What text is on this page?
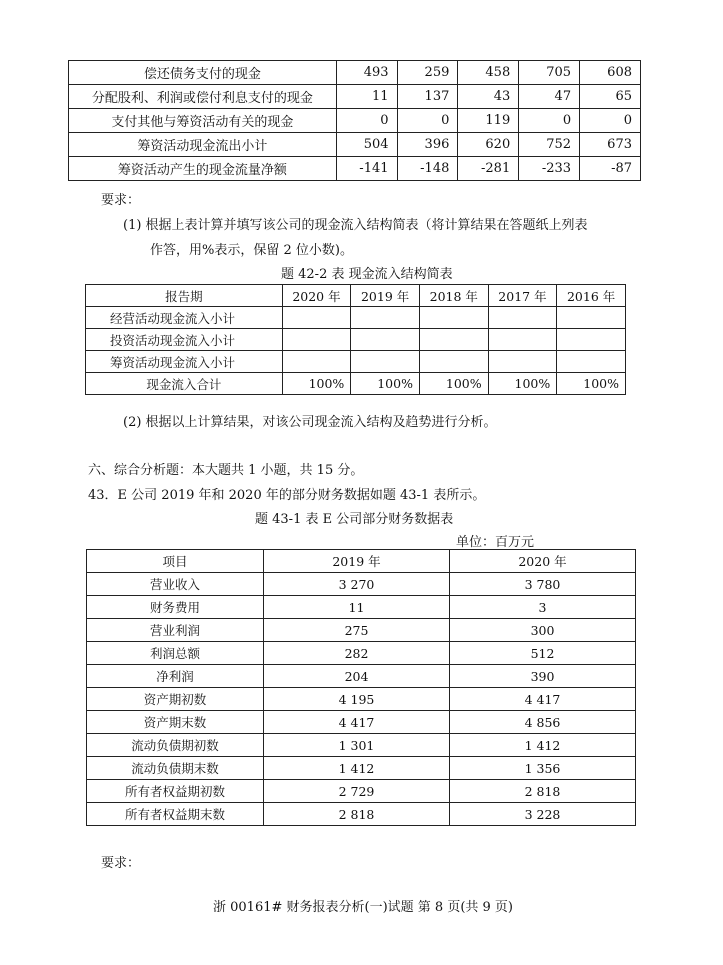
偿还债务支付的现金	493	259	458	705	608
分配股利、利润或偿付利息支付的现金	11	137	43	47	65
支付其他与筹资活动有关的现金	0	0	119	0	0
筹资活动现金流出小计	504	396	620	752	673
筹资活动产生的现金流量净额	-141	-148	-281	-233	-87
要求：
(1) 根据上表计算并填写该公司的现金流入结构简表（将计算结果在答题纸上列表
作答，用%表示，保留 2 位小数)。
题 42-2 表 现金流入结构简表
报告期	2020 年	2019 年	2018 年	2017 年	2016 年
经营活动现金流入小计					
投资活动现金流入小计					
筹资活动现金流入小计					
现金流入合计	100%	100%	100%	100%	100%
(2) 根据以上计算结果，对该公司现金流入结构及趋势进行分析。
六、综合分析题：本大题共 1 小题，共 15 分。
43．E 公司 2019 年和 2020 年的部分财务数据如题 43-1 表所示。
题 43-1 表 E 公司部分财务数据表
单位：百万元
项目	2019 年	2020 年
营业收入	3 270	3 780
财务费用	11	3
营业利润	275	300
利润总额	282	512
净利润	204	390
资产期初数	4 195	4 417
资产期末数	4 417	4 856
流动负债期初数	1 301	1 412
流动负债期末数	1 412	1 356
所有者权益期初数	2 729	2 818
所有者权益期末数	2 818	3 228
要求：
浙 00161# 财务报表分析(一)试题 第 8 页(共 9 页)
